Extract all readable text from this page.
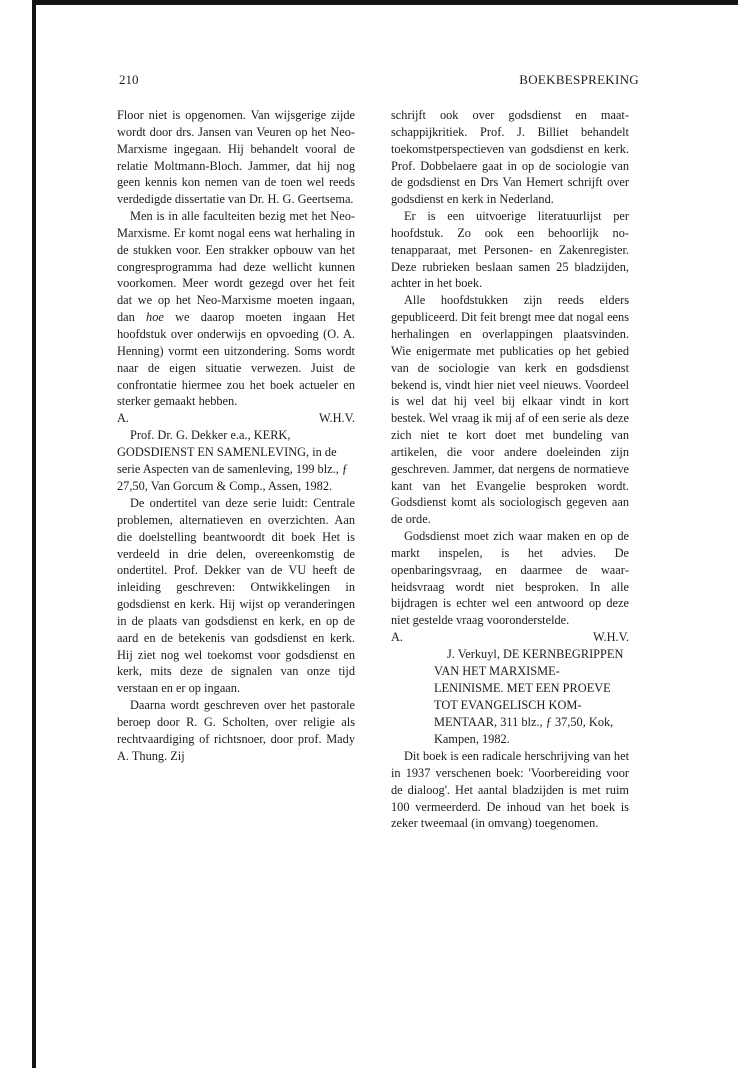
210	BOEKBESPREKING

Floor niet is opgenomen. Van wijsgerige zijde wordt door drs. Jansen van Veuren op het Neo-Marxisme ingegaan. Hij behandelt vooral de relatie Moltmann-Bloch. Jammer, dat hij nog geen kennis kon nemen van de toen wel reeds verdedigde dissertatie van Dr. H. G. Geertsema.

Men is in alle faculteiten bezig met het Neo-Marxisme. Er komt nogal eens wat herhaling in de stukken voor. Een strakker opbouw van het congresprogramma had deze wellicht kunnen voorkomen. Meer wordt gezegd over het feit dat we op het Neo-Marxisme moeten ingaan, dan hoe we daarop moeten ingaan Het hoofdstuk over onderwijs en opvoeding (O. A. Henning) vormt een uitzondering. Soms wordt naar de eigen situatie verwezen. Juist de confrontatie hiermee zou het boek actueler en sterker gemaakt hebben.

A.	W.H.V.

Prof. Dr. G. Dekker e.a., KERK, GODSDIENST EN SAMENLEVING, in de serie Aspecten van de samenleving, 199 blz., ƒ 27,50, Van Gorcum & Comp., Assen, 1982.

De ondertitel van deze serie luidt: Centrale problemen, alternatieven en overzichten. Aan die doelstelling beantwoordt dit boek Het is verdeeld in drie delen, overeenkomstig de ondertitel. Prof. Dekker van de VU heeft de inleiding geschreven: Ontwikkelingen in godsdienst en kerk. Hij wijst op veranderingen in de plaats van godsdienst en kerk, en op de aard en de betekenis van godsdienst en kerk. Hij ziet nog wel toekomst voor godsdienst en kerk, mits deze de signalen van onze tijd verstaan en er op ingaan.

Daarna wordt geschreven over het pastorale beroep door R. G. Scholten, over religie als rechtvaardiging of richtsnoer, door prof. Mady A. Thung. Zij

schrijft ook over godsdienst en maatschappijkritiek. Prof. J. Billiet behandelt toekomstperspectieven van godsdienst en kerk. Prof. Dobbelaere gaat in op de sociologie van de godsdienst en Drs Van Hemert schrijft over godsdienst en kerk in Nederland.

Er is een uitvoerige literatuurlijst per hoofdstuk. Zo ook een behoorlijk notenapparaat, met Personen- en Zakenregister. Deze rubrieken beslaan samen 25 bladzijden, achter in het boek.

Alle hoofdstukken zijn reeds elders gepubliceerd. Dit feit brengt mee dat nogal eens herhalingen en overlappingen plaatsvinden. Wie enigermate met publicaties op het gebied van de sociologie van kerk en godsdienst bekend is, vindt hier niet veel nieuws. Voordeel is wel dat hij veel bij elkaar vindt in kort bestek. Wel vraag ik mij af of een serie als deze zich niet te kort doet met bundeling van artikelen, die voor andere doeleinden zijn geschreven. Jammer, dat nergens de normatieve kant van het Evangelie besproken wordt. Godsdienst komt als sociologisch gegeven aan de orde.

Godsdienst moet zich waar maken en op de markt inspelen, is het advies. De openbaringsvraag, en daarmee de waarheidsvraag wordt niet besproken. In alle bijdragen is echter wel een antwoord op deze niet gestelde vraag vooronderstelde.

A.	W.H.V.

J. Verkuyl, DE KERNBEGRIPPEN VAN HET MARXISME-LENINISME. MET EEN PROEVE TOT EVANGELISCH KOMMENTAAR, 311 blz., ƒ 37,50, Kok, Kampen, 1982.

Dit boek is een radicale herschrijving van het in 1937 verschenen boek: 'Voorbereiding voor de dialoog'. Het aantal bladzijden is met ruim 100 vermeerderd. De inhoud van het boek is zeker tweemaal (in omvang) toegenomen.
